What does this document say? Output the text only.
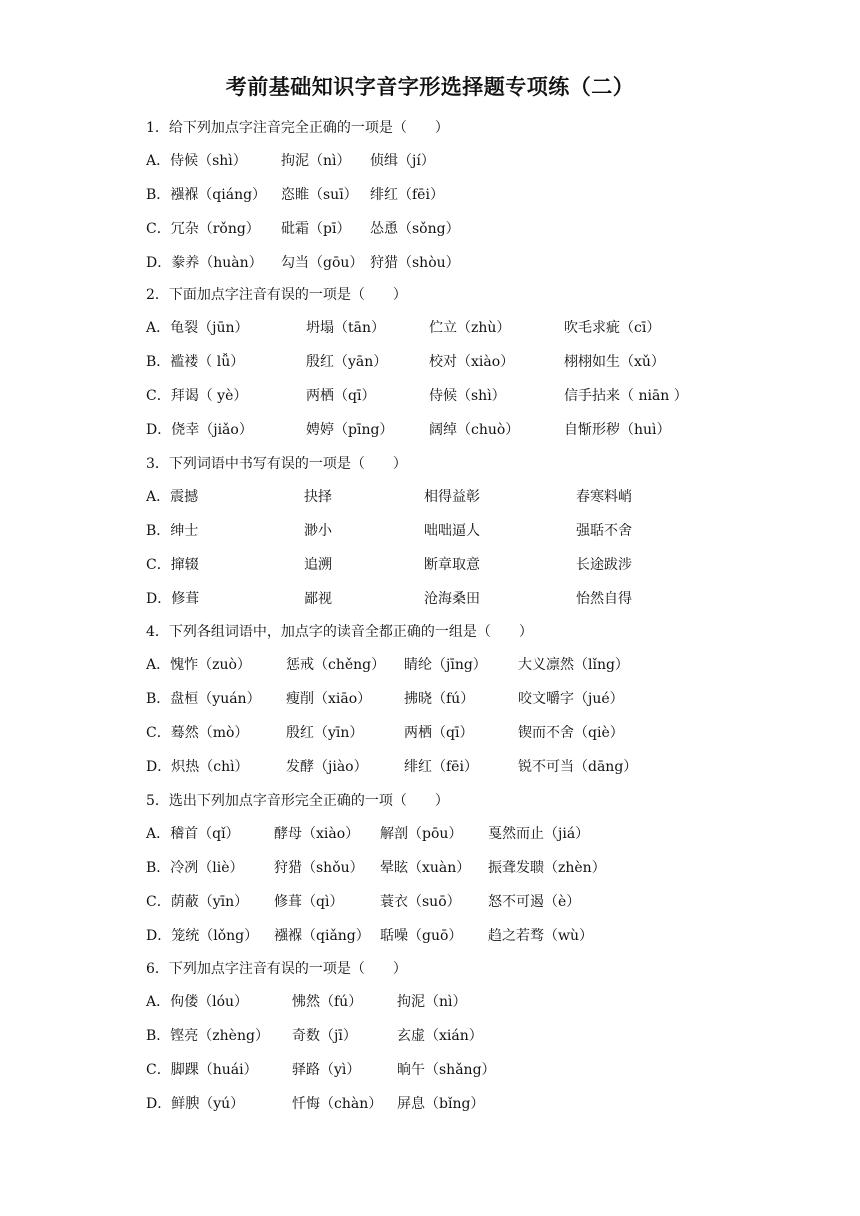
考前基础知识字音字形选择题专项练（二）
1．给下列加点字注音完全正确的一项是（　　）
A．侍候（shì） 拘泥（nì） 侦缉（jí）
B．襁褓（qiáng） 恣睢（suī） 绯红（fēi）
C．冗杂（rǒng） 砒霜（pī） 怂恿（sǒng）
D．豢养（huàn） 勾当（gōu） 狩猎（shòu）
2．下面加点字注音有误的一项是（　　）
A．龟裂（jūn）	坍塌（tān）	伫立（zhù）	吹毛求疵（cī）
B．褴褛（ lǚ）	殷红（yān）	校对（xiào）	栩栩如生（xǔ）
C．拜谒（ yè）	两栖（qī）	侍候（shì）	信手拈来（ niān ）
D．侥幸（jiǎo）	娉婷（pīng）	阔绰（chuò）	自惭形秽（huì）
3．下列词语中书写有误的一项是（　　）
A．震撼	抉择	相得益彰	春寒料峭
B．绅士	渺小	咄咄逼人	强聒不舍
C．撺辍	追溯	断章取意	长途跋涉
D．修葺	鄙视	沧海桑田	怡然自得
4．下列各组词语中，加点字的读音全都正确的一组是（　　）
A．愧怍（zuò）	惩戒（chěng） 睛纶（jīng） 大义凛然（lǐng）
B．盘桓（yuán） 瘦削（xiāo） 拂晓（fú）	咬文嚼字（jué）
C．蓦然（mò）	殷红（yīn）	两栖（qī）	锲而不舍（qiè）
D．炽热（chì）	发酵（jiào）	绯红（fēi）	锐不可当（dāng）
5．选出下列加点字音形完全正确的一项（　　）
A．稽首（qǐ） 酵母（xiào） 解剖（pōu） 戛然而止（jiá）
B．冷冽（liè） 狩猎（shǒu） 晕眩（xuàn） 振聋发聩（zhèn）
C．荫蔽（yīn） 修葺（qì）	蓑衣（suō） 怒不可遏（è）
D．笼统（lǒng） 襁褓（qiǎng） 聒噪（guō） 趋之若骛（wù）
6．下列加点字注音有误的一项是（　　）
A．佝偻（lóu）	怫然（fú） 拘泥（nì）
B．铿亮（zhèng） 奇数（jī）	玄虚（xián）
C．脚踝（huái） 驿路（yì）	晌午（shǎng）
D．鲜腴（yú）	忏悔（chàn） 屏息（bǐng）
